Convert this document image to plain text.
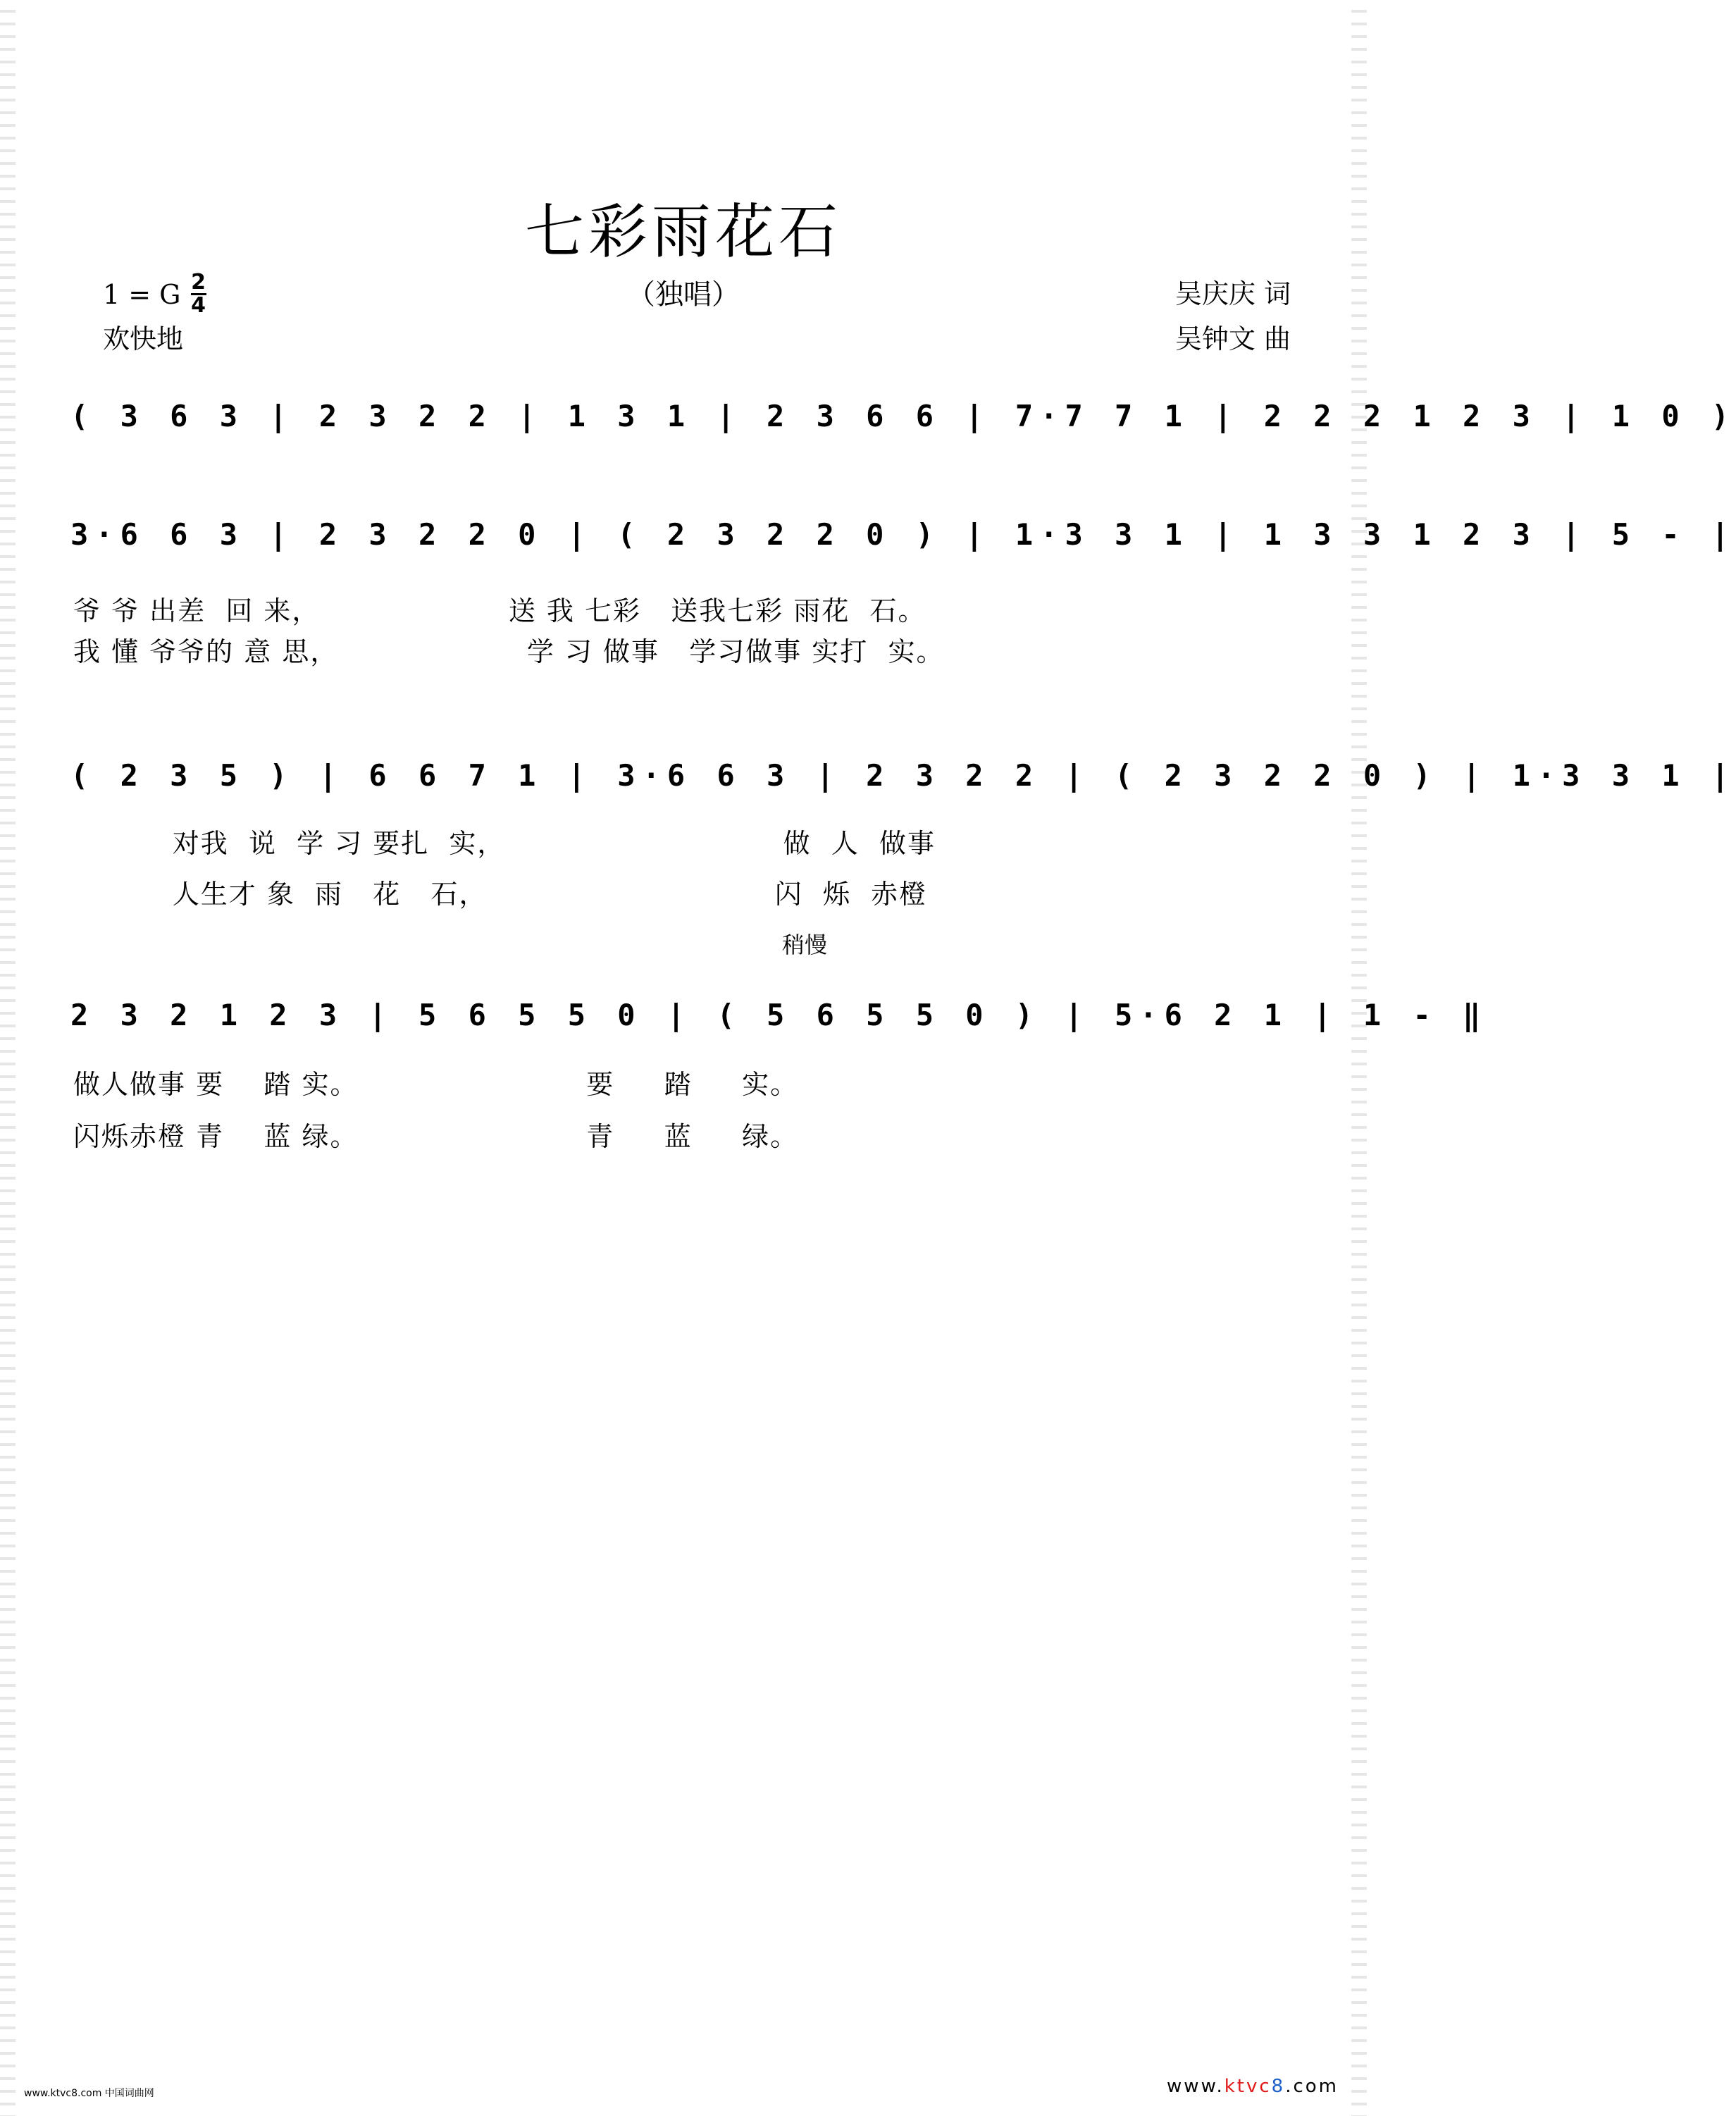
七彩雨花石
（独唱）
1 = G $\frac{2}{4}$
欢快地
吴庆庆 词
吴钟文 曲
( 3 6 3 | 2 3 2 2 | 1 3 1 | 2 3 6 6 | 7·7 7 1 | 2 2 2 1 2 3 | 1 0 )
3·6 6 3 | 2 3 2 2 0 | ( 2 3 2 2 0 ) | 1·3 3 1 | 1 3 3 1 2 3 | 5 - |
爷 爷 出差  回 来，                   送 我 七彩   送我七彩 雨花  石。
我 懂 爷爷的 意 思，                   学 习 做事   学习做事 实打  实。
( 2 3 5 ) | 6 6 7 1 | 3·6 6 3 | 2 3 2 2 | ( 2 3 2 2 0 ) | 1·3 3 1 |
对我  说  学 习 要扎  实，                            做  人  做事
人生才 象  雨   花   石，                             闪  烁  赤橙
稍慢
2 3 2 1 2 3 | 5 6 5 5 0 | ( 5 6 5 5 0 ) | 5·6 2 1 | 1 - ‖
做人做事 要    踏 实。                       要     踏     实。
闪烁赤橙 青    蓝 绿。                       青     蓝     绿。
www.ktvc8.com 中国词曲网	www.ktvc8.com
